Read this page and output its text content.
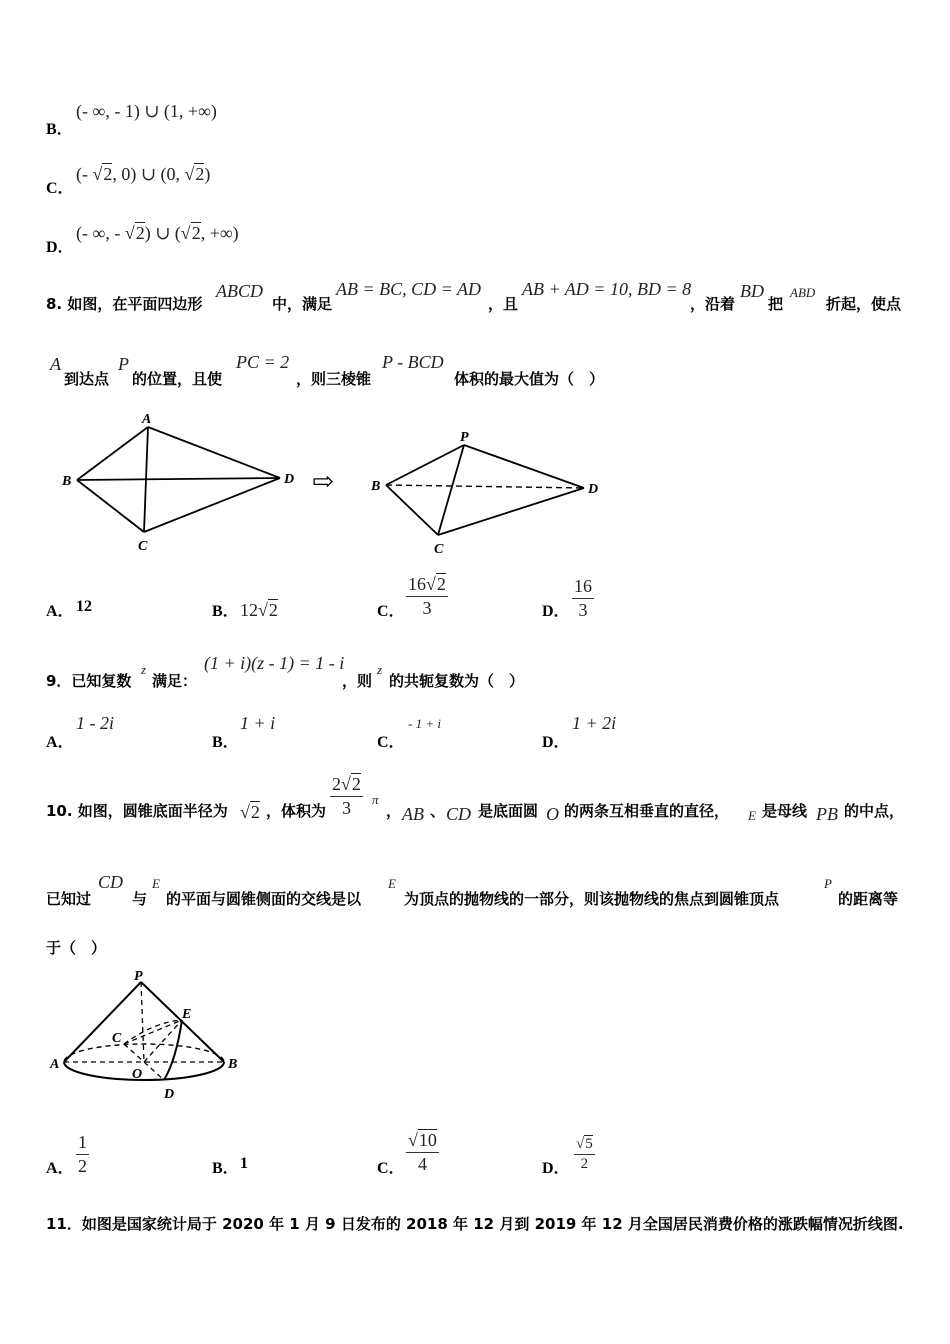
B．
(- ∞, - 1) ∪ (1, +∞)
C．
(- √2, 0) ∪ (0, √2)
D．
(- ∞, - √2) ∪ (√2, +∞)
8. 如图，在平面四边形
ABCD
中，满足
AB = BC, CD = AD
，且
AB + AD = 10, BD = 8
，沿着
BD
把
ABD
折起，使点
A
到达点
P
的位置，且使
PC = 2
，则三棱锥
P - BCD
体积的最大值为（　）
A
B
C
D ⇨
P
B
C
D
A． 12	B． 12√2	C． $\frac{16√2}{3}$	D． $\frac{16}{3}$
9．已知复数
z
满足：
(1 + i)(z - 1) = 1 - i
，则
z
的共轭复数为（　）
A．
1 - 2i
B．
1 + i
C．
- 1 + i
D．
1 + 2i
10. 如图，圆锥底面半径为 √2 ，体积为 $\frac{2√2}{3}$ π
， AB 、 CD 是底面圆 O 的两条互相垂直的直径， E 是母线 PB 的中点，
已知过
CD
与
E
的平面与圆锥侧面的交线是以
E
为顶点的抛物线的一部分，则该抛物线的焦点到圆锥顶点
P
的距离等
于（　）
P
E
C
A	B
O
D
A． $\frac{1}{2}$	B． 1	C． $\frac{√10}{4}$	D． $\frac{√5}{2}$
11．如图是国家统计局于 2020 年 1 月 9 日发布的 2018 年 12 月到 2019 年 12 月全国居民消费价格的涨跌幅情况折线图.
